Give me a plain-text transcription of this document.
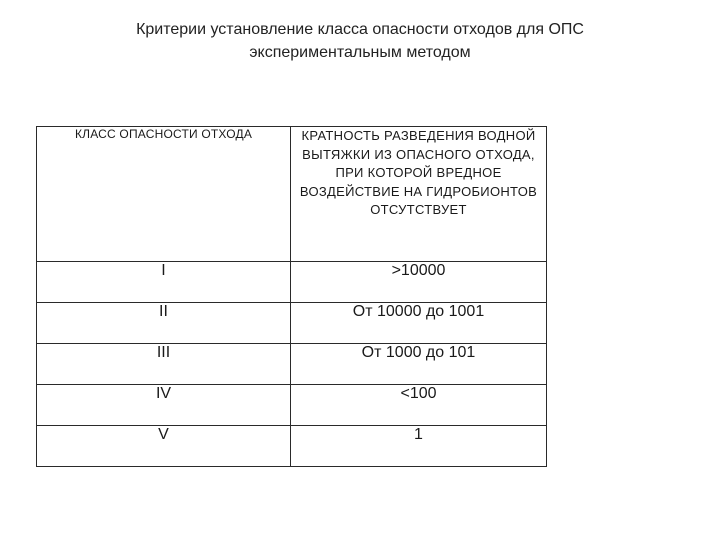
Критерии установление класса опасности отходов для ОПС
экспериментальным методом
КЛАСС ОПАСНОСТИ ОТХОДА	КРАТНОСТЬ РАЗВЕДЕНИЯ ВОДНОЙ ВЫТЯЖКИ ИЗ ОПАСНОГО ОТХОДА, ПРИ КОТОРОЙ ВРЕДНОЕ ВОЗДЕЙСТВИЕ НА ГИДРОБИОНТОВ ОТСУТСТВУЕТ
I	>10000
II	От 10000 до 1001
III	От 1000 до 101
IV	<100
V	1
